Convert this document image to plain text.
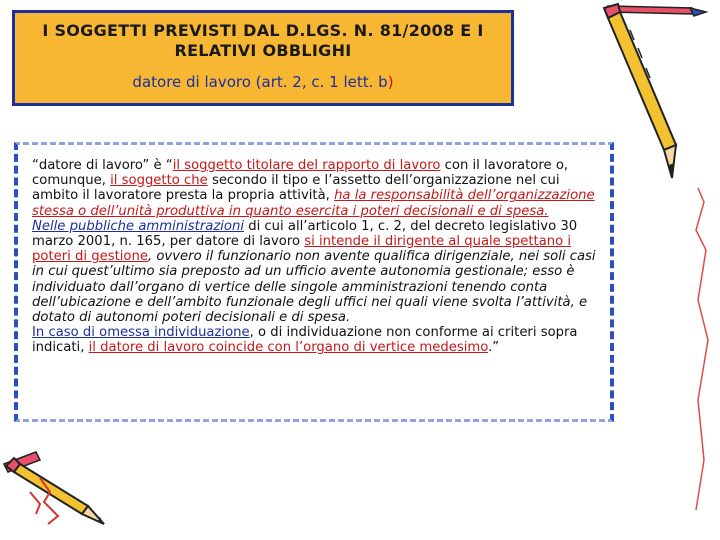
I SOGGETTI PREVISTI DAL D.LGS. N. 81/2008 E I RELATIVI OBBLIGHI
datore di lavoro (art. 2, c. 1 lett. b)

“datore di lavoro” è “il soggetto titolare del rapporto di lavoro con il lavoratore o, comunque, il soggetto che secondo il tipo e l’assetto dell’organizzazione nel cui ambito il lavoratore presta la propria attività, ha la responsabilità dell’organizzazione stessa o dell’unità produttiva in quanto esercita i poteri decisionali e di spesa.

Nelle pubbliche amministrazioni di cui all’articolo 1, c. 2, del decreto legislativo 30 marzo 2001, n. 165, per datore di lavoro si intende il dirigente al quale spettano i poteri di gestione, ovvero il funzionario non avente qualifica dirigenziale, nei soli casi in cui quest’ultimo sia preposto ad un ufficio avente autonomia gestionale; esso è individuato dall’organo di vertice delle singole amministrazioni tenendo conta dell’ubicazione e dell’ambito funzionale degli uffici nei quali viene svolta l’attività, e dotato di autonomi poteri decisionali e di spesa.

In caso di omessa individuazione, o di individuazione non conforme ai criteri sopra indicati, il datore di lavoro coincide con l’organo di vertice medesimo.”
